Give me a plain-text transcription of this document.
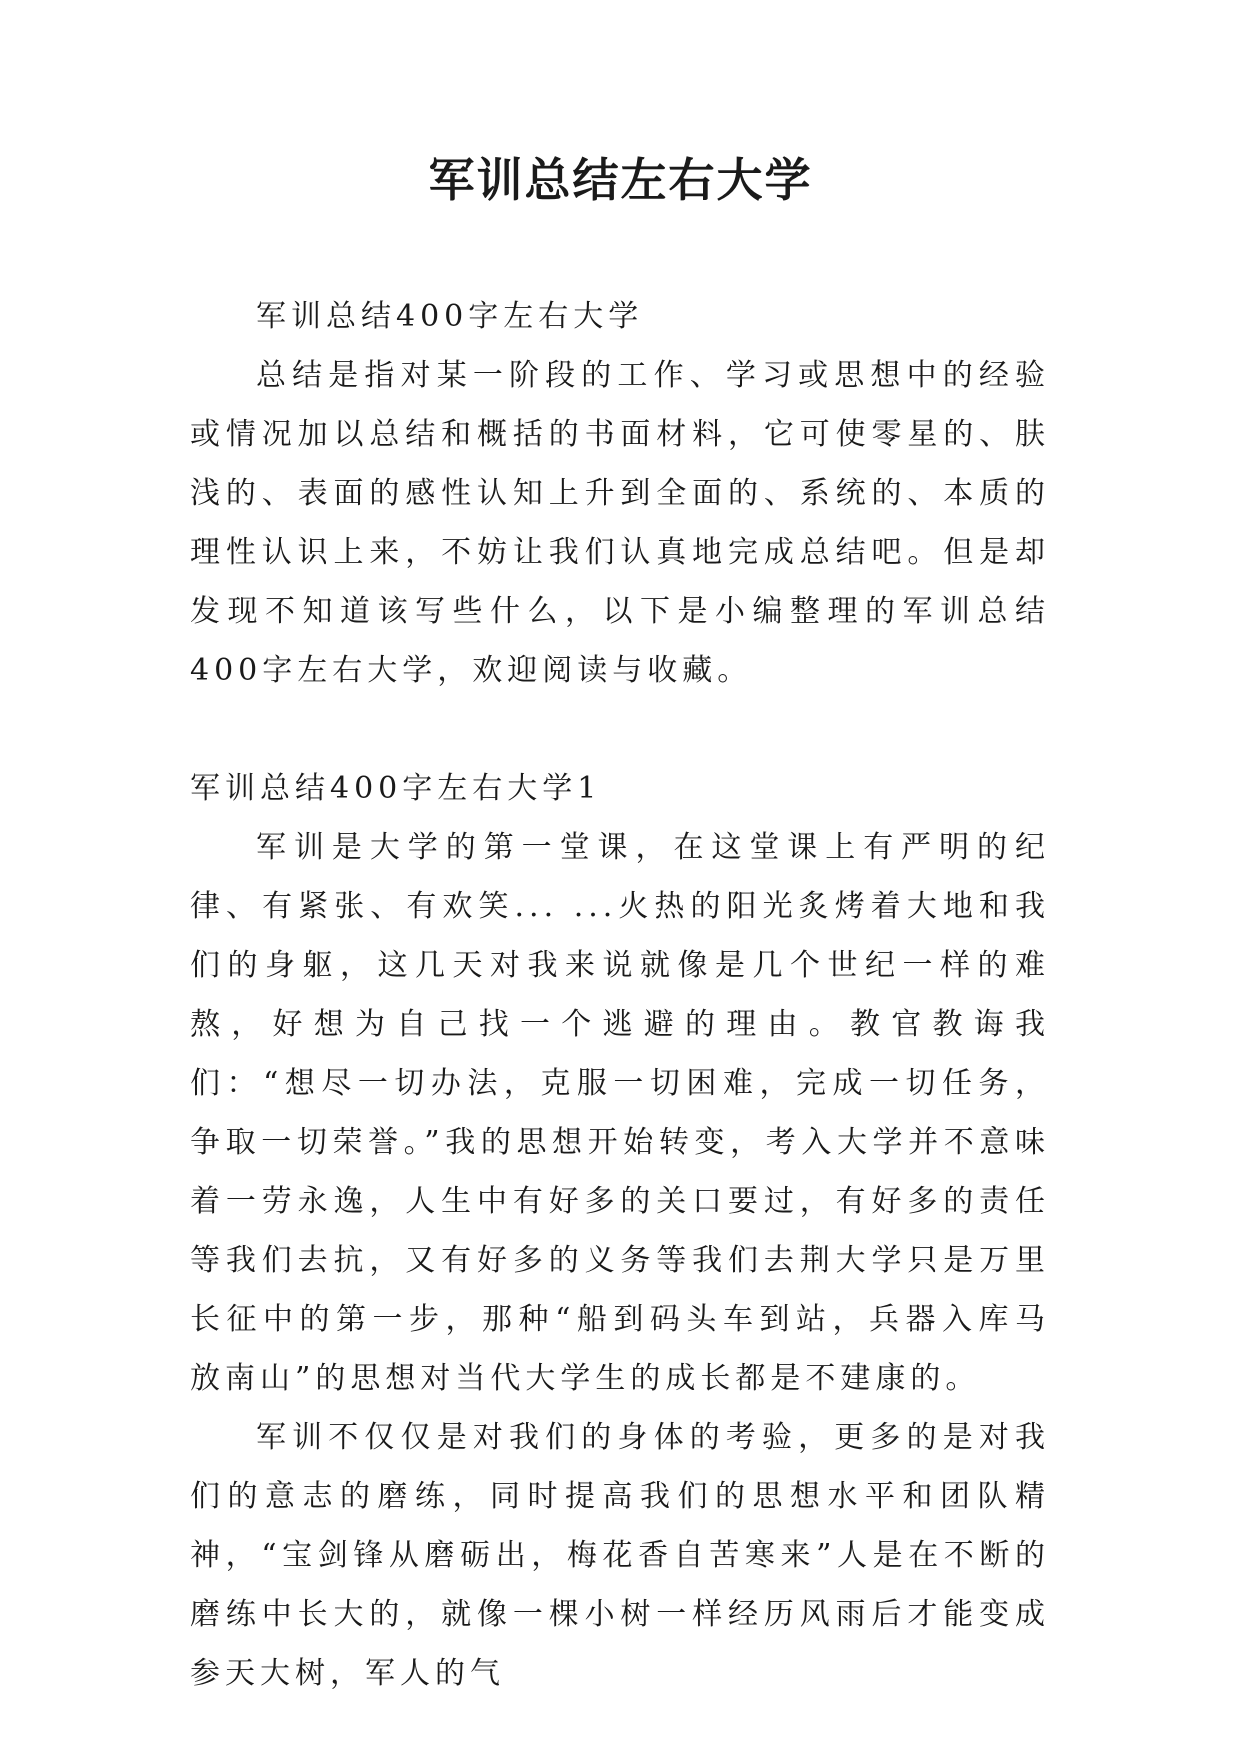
军训总结左右大学

军训总结400字左右大学

总结是指对某一阶段的工作、学习或思想中的经验或情况加以总结和概括的书面材料，它可使零星的、肤浅的、表面的感性认知上升到全面的、系统的、本质的理性认识上来，不妨让我们认真地完成总结吧。但是却发现不知道该写些什么，以下是小编整理的军训总结400字左右大学，欢迎阅读与收藏。

军训总结400字左右大学1

军训是大学的第一堂课，在这堂课上有严明的纪律、有紧张、有欢笑... ...火热的阳光炙烤着大地和我们的身躯，这几天对我来说就像是几个世纪一样的难熬，好想为自己找一个逃避的理由。教官教诲我们：“想尽一切办法，克服一切困难，完成一切任务，争取一切荣誉。”我的思想开始转变，考入大学并不意味着一劳永逸，人生中有好多的关口要过，有好多的责任等我们去抗，又有好多的义务等我们去荆大学只是万里长征中的第一步，那种“船到码头车到站，兵器入库马放南山”的思想对当代大学生的成长都是不建康的。

军训不仅仅是对我们的身体的考验，更多的是对我们的意志的磨练，同时提高我们的思想水平和团队精神，“宝剑锋从磨砺出，梅花香自苦寒来”人是在不断的磨练中长大的，就像一棵小树一样经历风雨后才能变成参天大树，军人的气
